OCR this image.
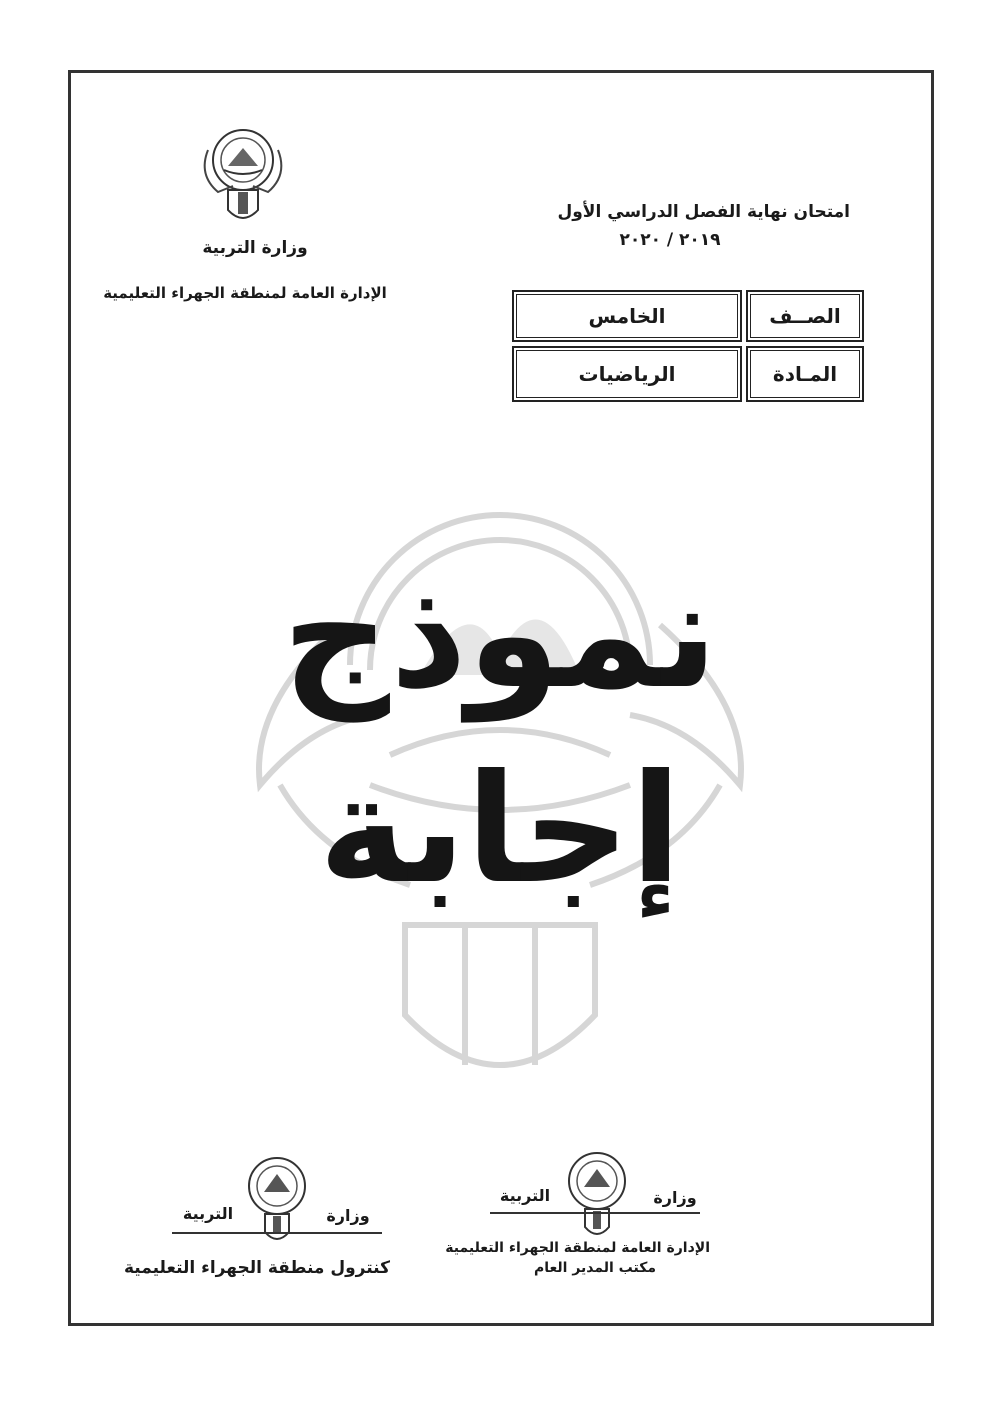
وزارة التربية
الإدارة العامة لمنطقة الجهراء التعليمية
امتحان نهاية الفصل الدراسي الأول
٢٠١٩ / ٢٠٢٠
الصــف
الخامس
المـادة
الرياضيات
نموذج
إجابة
وزارة
التربية
كنترول منطقة الجهراء التعليمية
وزارة
التربية
الإدارة العامة لمنطقة الجهراء التعليمية
مكتب المدير العام
